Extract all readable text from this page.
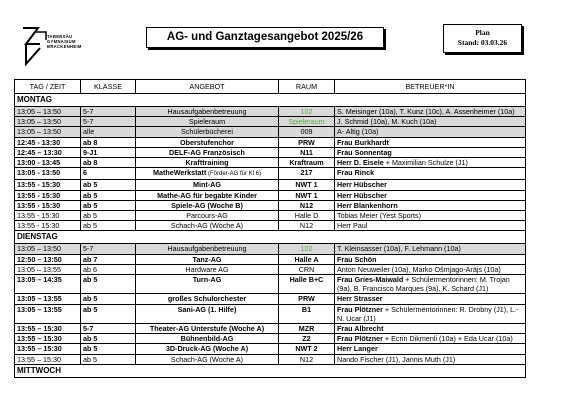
TABERSÄU
GYMNASIUM
BRACKENHEIM
AG- und Ganztagesangebot 2025/26	Plan
Stand: 03.03.26
TAG / ZEIT	KLASSE	ANGEBOT	RAUM	BETREUER*IN
MONTAG				
13:05 – 13:50	5-7	Hausaufgabenbetreuung	102	S. Meisinger (10a), T. Kunz (10c), A. Assenheimer (10a)
13:05 – 13:50	5-7	Spieleraum	Spieleraum	J. Schmid (10a), M. Kuch (10a)
13:05 – 13:50	alle	Schülerbücherei	009	A- Altig (10a)
12:45 - 13:30	ab 8	Oberstufenchor	PRW	Frau Burkhardt
12:45 – 13:30	9-J1	DELF-AG Französisch	N11	Frau Sonnentag
13:00 - 13:45	ab 8	Krafttraining	Kraftraum	Herr D. Eisele + Maximilian Schulze (J1)
13:05 - 13:50	6	MatheWerkstatt (Förder-AG für Kl 6)	217	Frau Rinck
13:55 - 15:30	ab 5	Mint-AG	NWT 1	Herr Hübscher
13:55 - 15:30	ab 5	Mathe-AG für begabte Kinder	NWT 1	Herr Hübscher
13:55 - 15:30	ab 5	Spiele-AG (Woche B)	N12	Herr Blankenhorn
13:55 - 15:30	ab 5	Parcours-AG	Halle D	Tobias Meier (Yest Sports)
13:55 - 15:30	ab 5	Schach-AG (Woche A)	N12	Herr Paul
DIENSTAG				
13:05 – 13:50	5-7	Hausaufgabenbetreuung	102	T. Kleinsasser (10a), F. Lehmann (10a)
12:50 – 13:50	ab 7	Tanz-AG	Halle A	Frau Schön
13:05 – 13:55	ab 6	Hardware AG	CRN	Anton Neuweiler (10a), Marko Ošmjago-Aräjs (10a)
13:05 – 14:35	ab 5	Turn-AG	Halle B+C	Frau Gries-Maiwald + Schülermentorinnen: M. Trojan (9a), B. Francisco Marques (9a), K. Schard (J1)
13:05 – 13:55	ab 5	großes Schulorchester	PRW	Herr Strasser
13:05 – 13:55	ab 5	Sani-AG (1. Hilfe)	B1	Frau Plötzner + Schülermentorinnen: R. Drobny (J1), L.-N. Ucar (J1)
13:55 – 15:30	5-7	Theater-AG Unterstufe (Woche A)	MZR	Frau Albrecht
13:55 – 15:30	ab 5	Bühnenbild-AG	Z2	Frau Plötzner + Ecrin Dikmenli (10a) + Eda Ucar (10a)
13:55 – 15:30	ab 5	3D-Druck-AG (Woche A)	NWT 2	Herr Langer
13:55 – 15:30	ab 5	Schach-AG (Woche A)	N12	Nando Fischer (J1), Jannis Muth (J1)
MITTWOCH				
